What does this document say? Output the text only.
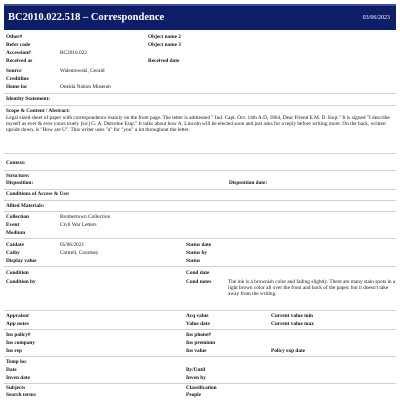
BC2010.022.518 – Correspondence	03/06/2023
Other#	Object name 2
Refer code	Object name 3
Accession#	BC2010.022
Received as	Received date
Source	Walentowski, Gerald
Creditline
Home loc	Oneida Nation Museum
Identity Statement:
Scope & Content / Abstract:
Legal sized sheet of paper with correspondence mainly on the front page. The letter is addressed " Ind. Capt. Oct. 14th A.D, 1864, Dear Friend E.M. D. Esqr." It is signed "I describe myself as ever & ever yours truely [sic] G. A. Dutcehie Esqr." It talks about how A. Lincoln will be elected soon and just asks for a reply before writing more. On the back, written upside down, is "How are U". This writer uses "a" for "you" a lot throughout the letter.
Context:
Structure:
Disposition:	Disposition date:
Conditions of Access & Use:
Allied Materials:
Collection	Brothertown Collection
Event	Civil War Letters
Medium
Catdate	05/06/2021	Status date
Catby	Cottrell, Courtney	Status by
Display value	Status
Condition	Cond date
Condition by	Cond notes	The ink is a brownish color and fading slightly. There are many stain spots in a light brown color all over the front and back of the paper, but it doesn't take away from the writing.
Appraisor	Acq value	Current value min
App notes	Value date	Current value max
Ins policy#	Ins phone#
Ins company	Ins premium
Ins rep	Ins value	Policy exp date
Temp loc
Date	By/Until
Inven date	Inven by
Subjects	Classification
Search terms	People
